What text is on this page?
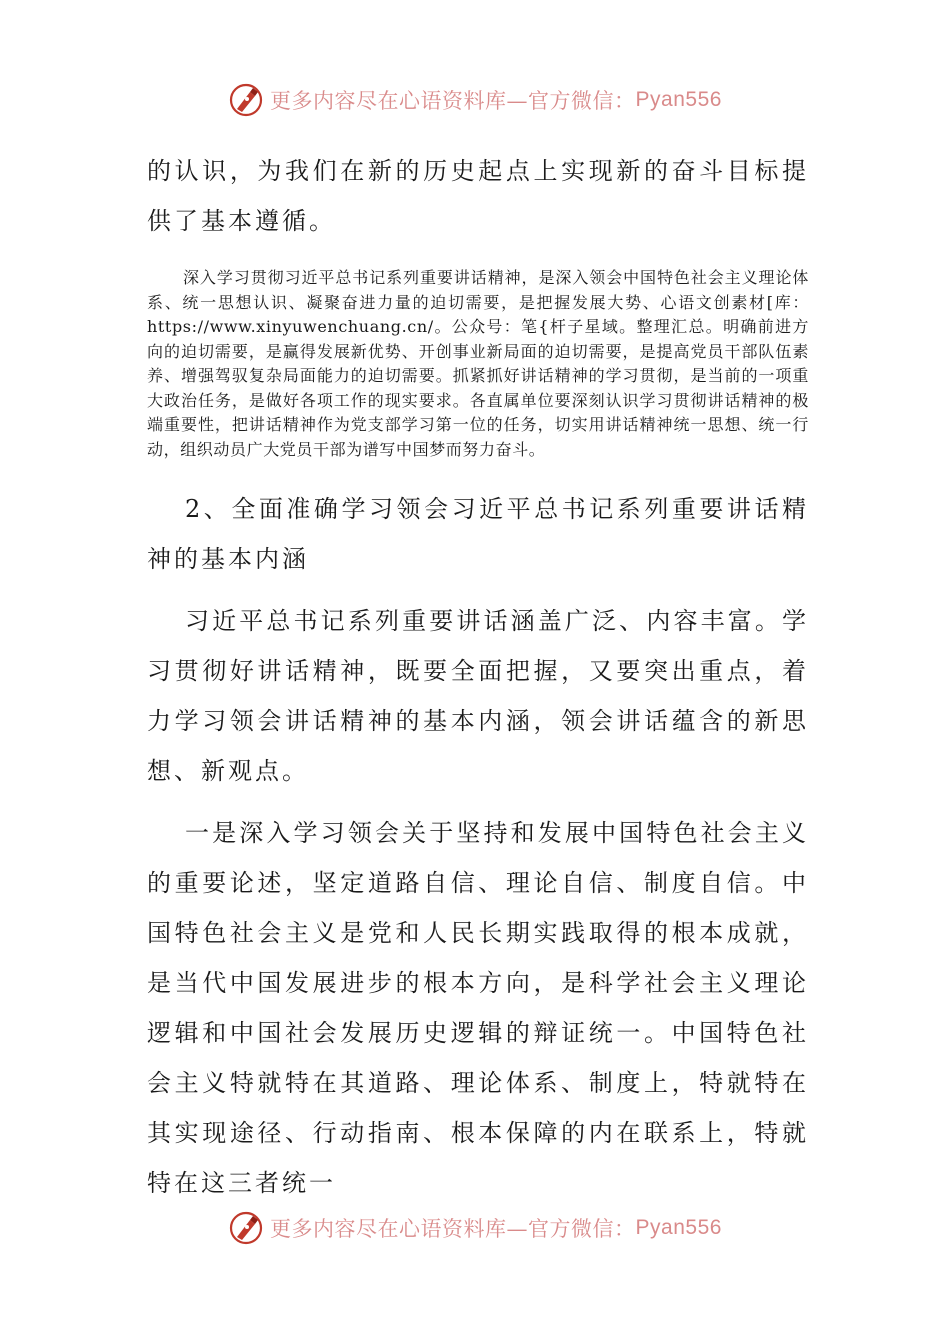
更多内容尽在心语资料库—官方微信： Pyan556

的认识，为我们在新的历史起点上实现新的奋斗目标提供了基本遵循。

深入学习贯彻习近平总书记系列重要讲话精神，是深入领会中国特色社会主义理论体系、统一思想认识、凝聚奋进力量的迫切需要，是把握发展大势、心语文创素材[库：https://www.xinyuwenchuang.cn/。公众号：笔{杆子星域。整理汇总。明确前进方向的迫切需要，是赢得发展新优势、开创事业新局面的迫切需要，是提高党员干部队伍素养、增强驾驭复杂局面能力的迫切需要。抓紧抓好讲话精神的学习贯彻，是当前的一项重大政治任务，是做好各项工作的现实要求。各直属单位要深刻认识学习贯彻讲话精神的极端重要性，把讲话精神作为党支部学习第一位的任务，切实用讲话精神统一思想、统一行动，组织动员广大党员干部为谱写中国梦而努力奋斗。

2、全面准确学习领会习近平总书记系列重要讲话精神的基本内涵

习近平总书记系列重要讲话涵盖广泛、内容丰富。学习贯彻好讲话精神，既要全面把握，又要突出重点，着力学习领会讲话精神的基本内涵，领会讲话蕴含的新思想、新观点。

一是深入学习领会关于坚持和发展中国特色社会主义的重要论述，坚定道路自信、理论自信、制度自信。中国特色社会主义是党和人民长期实践取得的根本成就，是当代中国发展进步的根本方向，是科学社会主义理论逻辑和中国社会发展历史逻辑的辩证统一。中国特色社会主义特就特在其道路、理论体系、制度上，特就特在其实现途径、行动指南、根本保障的内在联系上，特就特在这三者统一

更多内容尽在心语资料库—官方微信： Pyan556
